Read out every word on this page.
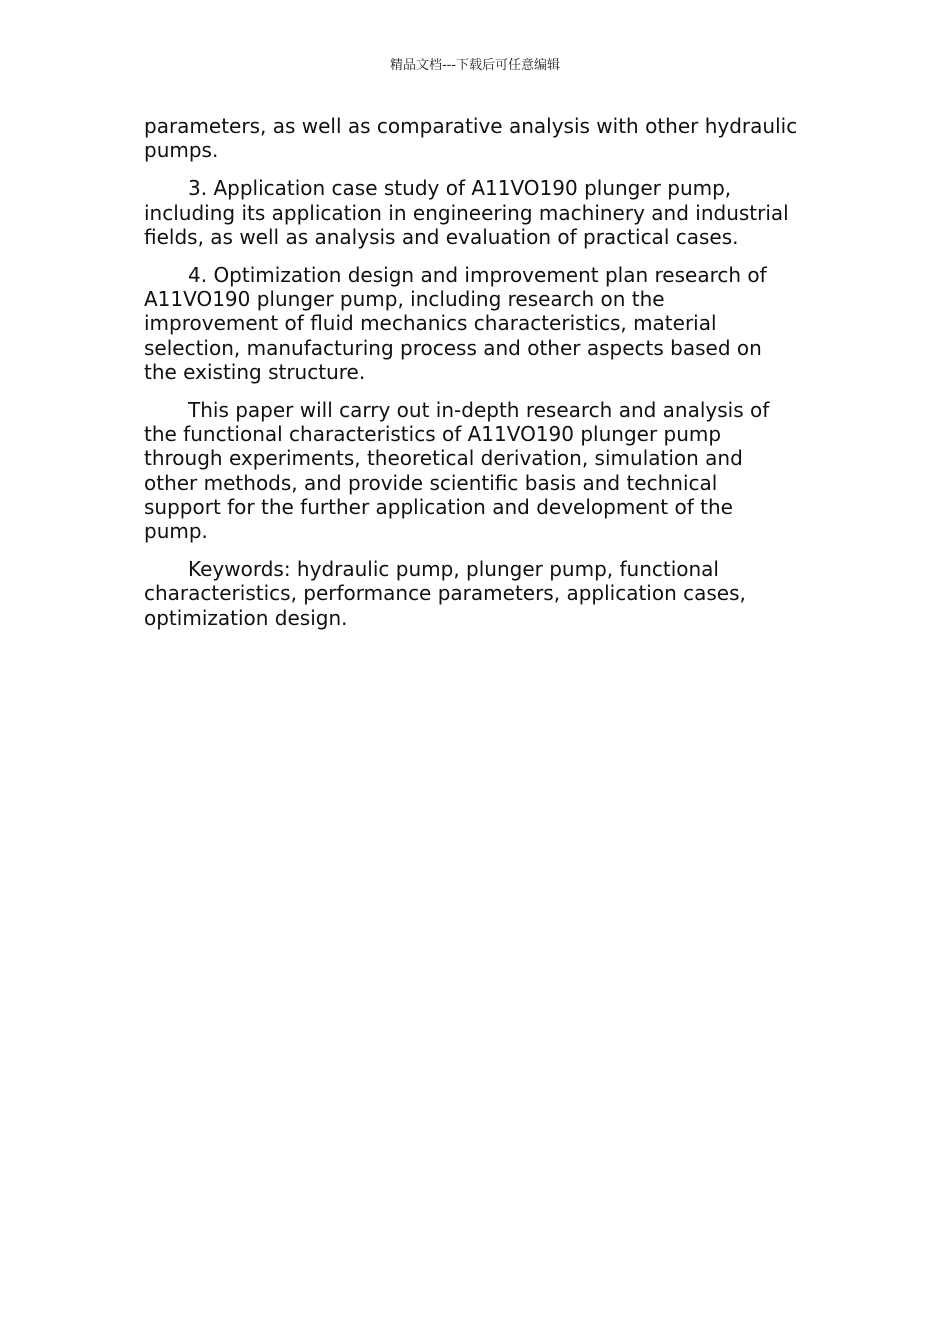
精品文档---下载后可任意编辑

parameters, as well as comparative analysis with other hydraulic pumps.

3. Application case study of A11VO190 plunger pump, including its application in engineering machinery and industrial fields, as well as analysis and evaluation of practical cases.

4. Optimization design and improvement plan research of A11VO190 plunger pump, including research on the improvement of fluid mechanics characteristics, material selection, manufacturing process and other aspects based on the existing structure.

This paper will carry out in-depth research and analysis of the functional characteristics of A11VO190 plunger pump through experiments, theoretical derivation, simulation and other methods, and provide scientific basis and technical support for the further application and development of the pump.

Keywords: hydraulic pump, plunger pump, functional characteristics, performance parameters, application cases, optimization design.
